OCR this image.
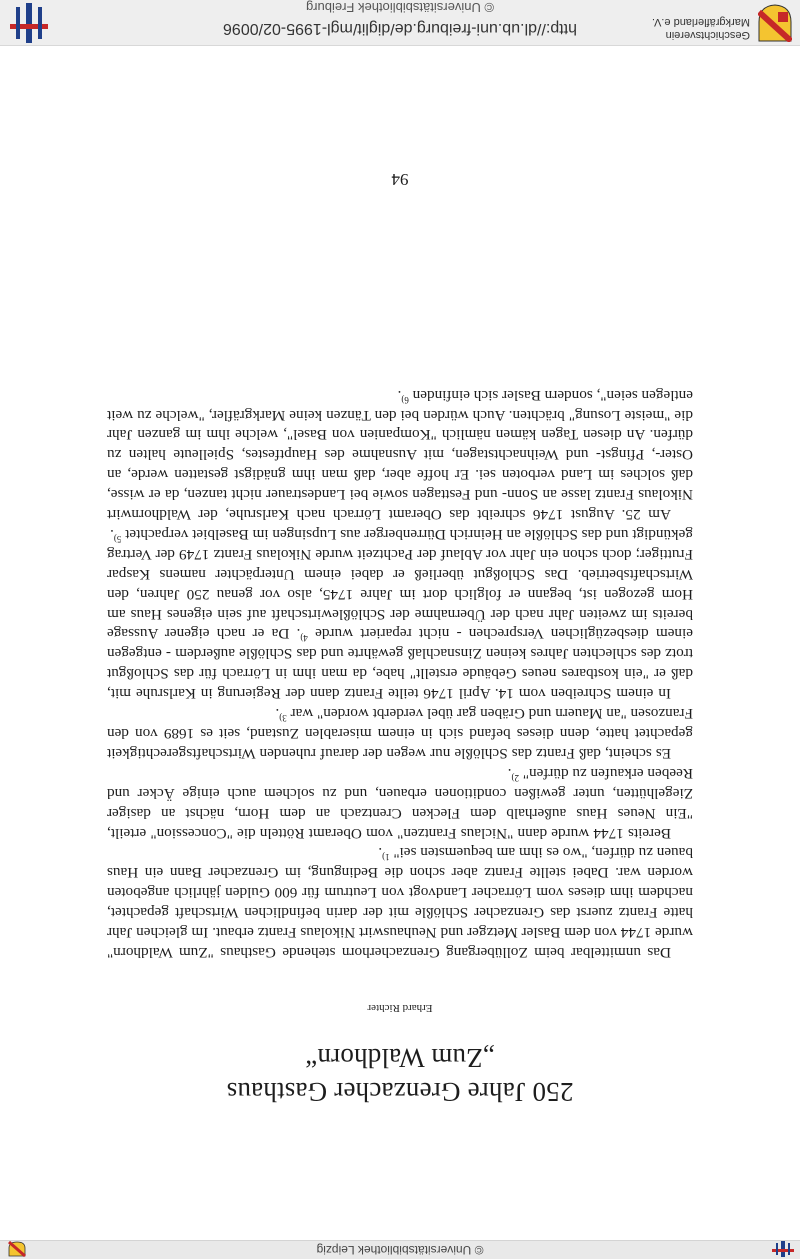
© Universitätsbibliothek Leipzig
250 Jahre Grenzacher Gasthaus
„Zum Waldhorn“
Erhard Richter

Das unmittelbar beim Zollübergang Grenzacherhorn stehende Gasthaus "Zum Waldhorn" wurde 1744 von dem Basler Metzger und Neuhauswirt Nikolaus Frantz erbaut. Im gleichen Jahr hatte Frantz zuerst das Grenzacher Schlößle mit der darin befindlichen Wirtschaft gepachtet, nachdem ihm dieses vom Lörracher Landvogt von Leutrum für 600 Gulden jährlich angeboten worden war. Dabei stellte Frantz aber schon die Bedingung, im Grenzacher Bann ein Haus bauen zu dürfen, "wo es ihm am bequemsten sei" $^{1)}$.

Bereits 1744 wurde dann "Niclaus Frantzen" vom Oberamt Rötteln die "Concession" erteilt, "Ein Neues Haus außerhalb dem Flecken Crentzach an dem Horn, nächst an dasiger Ziegelhütten, unter gewißen conditionen erbauen, und zu solchem auch einige Äcker und Reeben erkaufen zu dürfen" $^{2)}$.

Es scheint, daß Frantz das Schlößle nur wegen der darauf ruhenden Wirtschaftsgerechtigkeit gepachtet hatte, denn dieses befand sich in einem miserablen Zustand, seit es 1689 von den Franzosen "an Mauern und Gräben gar übel verderbt worden" war $^{3)}$.

In einem Schreiben vom 14. April 1746 teilte Frantz dann der Regierung in Karlsruhe mit, daß er "ein kostbares neues Gebäude erstellt" habe, da man ihm in Lörrach für das Schloßgut trotz des schlechten Jahres keinen Zinsnachlaß gewährte und das Schlößle außerdem - entgegen einem diesbezüglichen Versprechen - nicht repariert wurde $^{4)}$. Da er nach eigener Aussage bereits im zweiten Jahr nach der Übernahme der Schlößlewirtschaft auf sein eigenes Haus am Horn gezogen ist, begann er folglich dort im Jahre 1745, also vor genau 250 Jahren, den Wirtschaftsbetrieb. Das Schloßgut überließ er dabei einem Unterpächter namens Kaspar Fruttiger; doch schon ein Jahr vor Ablauf der Pachtzeit wurde Nikolaus Frantz 1749 der Vertrag gekündigt und das Schlößle an Heinrich Dürrenberger aus Lupsingen im Baselbiet verpachtet $^{5)}$.

Am 25. August 1746 schreibt das Oberamt Lörrach nach Karlsruhe, der Waldhornwirt Nikolaus Frantz lasse an Sonn- und Festtagen sowie bei Landestrauer nicht tanzen, da er wisse, daß solches im Land verboten sei. Er hoffe aber, daß man ihm gnädigst gestatten werde, an Oster-, Pfingst- und Weihnachtstagen, mit Ausnahme des Hauptfestes, Spielleute halten zu dürfen. An diesen Tagen kämen nämlich "Kompanien von Basel", welche ihm im ganzen Jahr die "meiste Losung" brächten. Auch würden bei den Tänzen keine Markgräfler, "welche zu weit entlegen seien", sondern Basler sich einfinden $^{6)}$.

94
Geschichtsverein
Markgräflerland e.V.
http://dl.ub.uni-freiburg.de/diglit/mgl-1995-02/0096
© Universitätsbibliothek Freiburg
